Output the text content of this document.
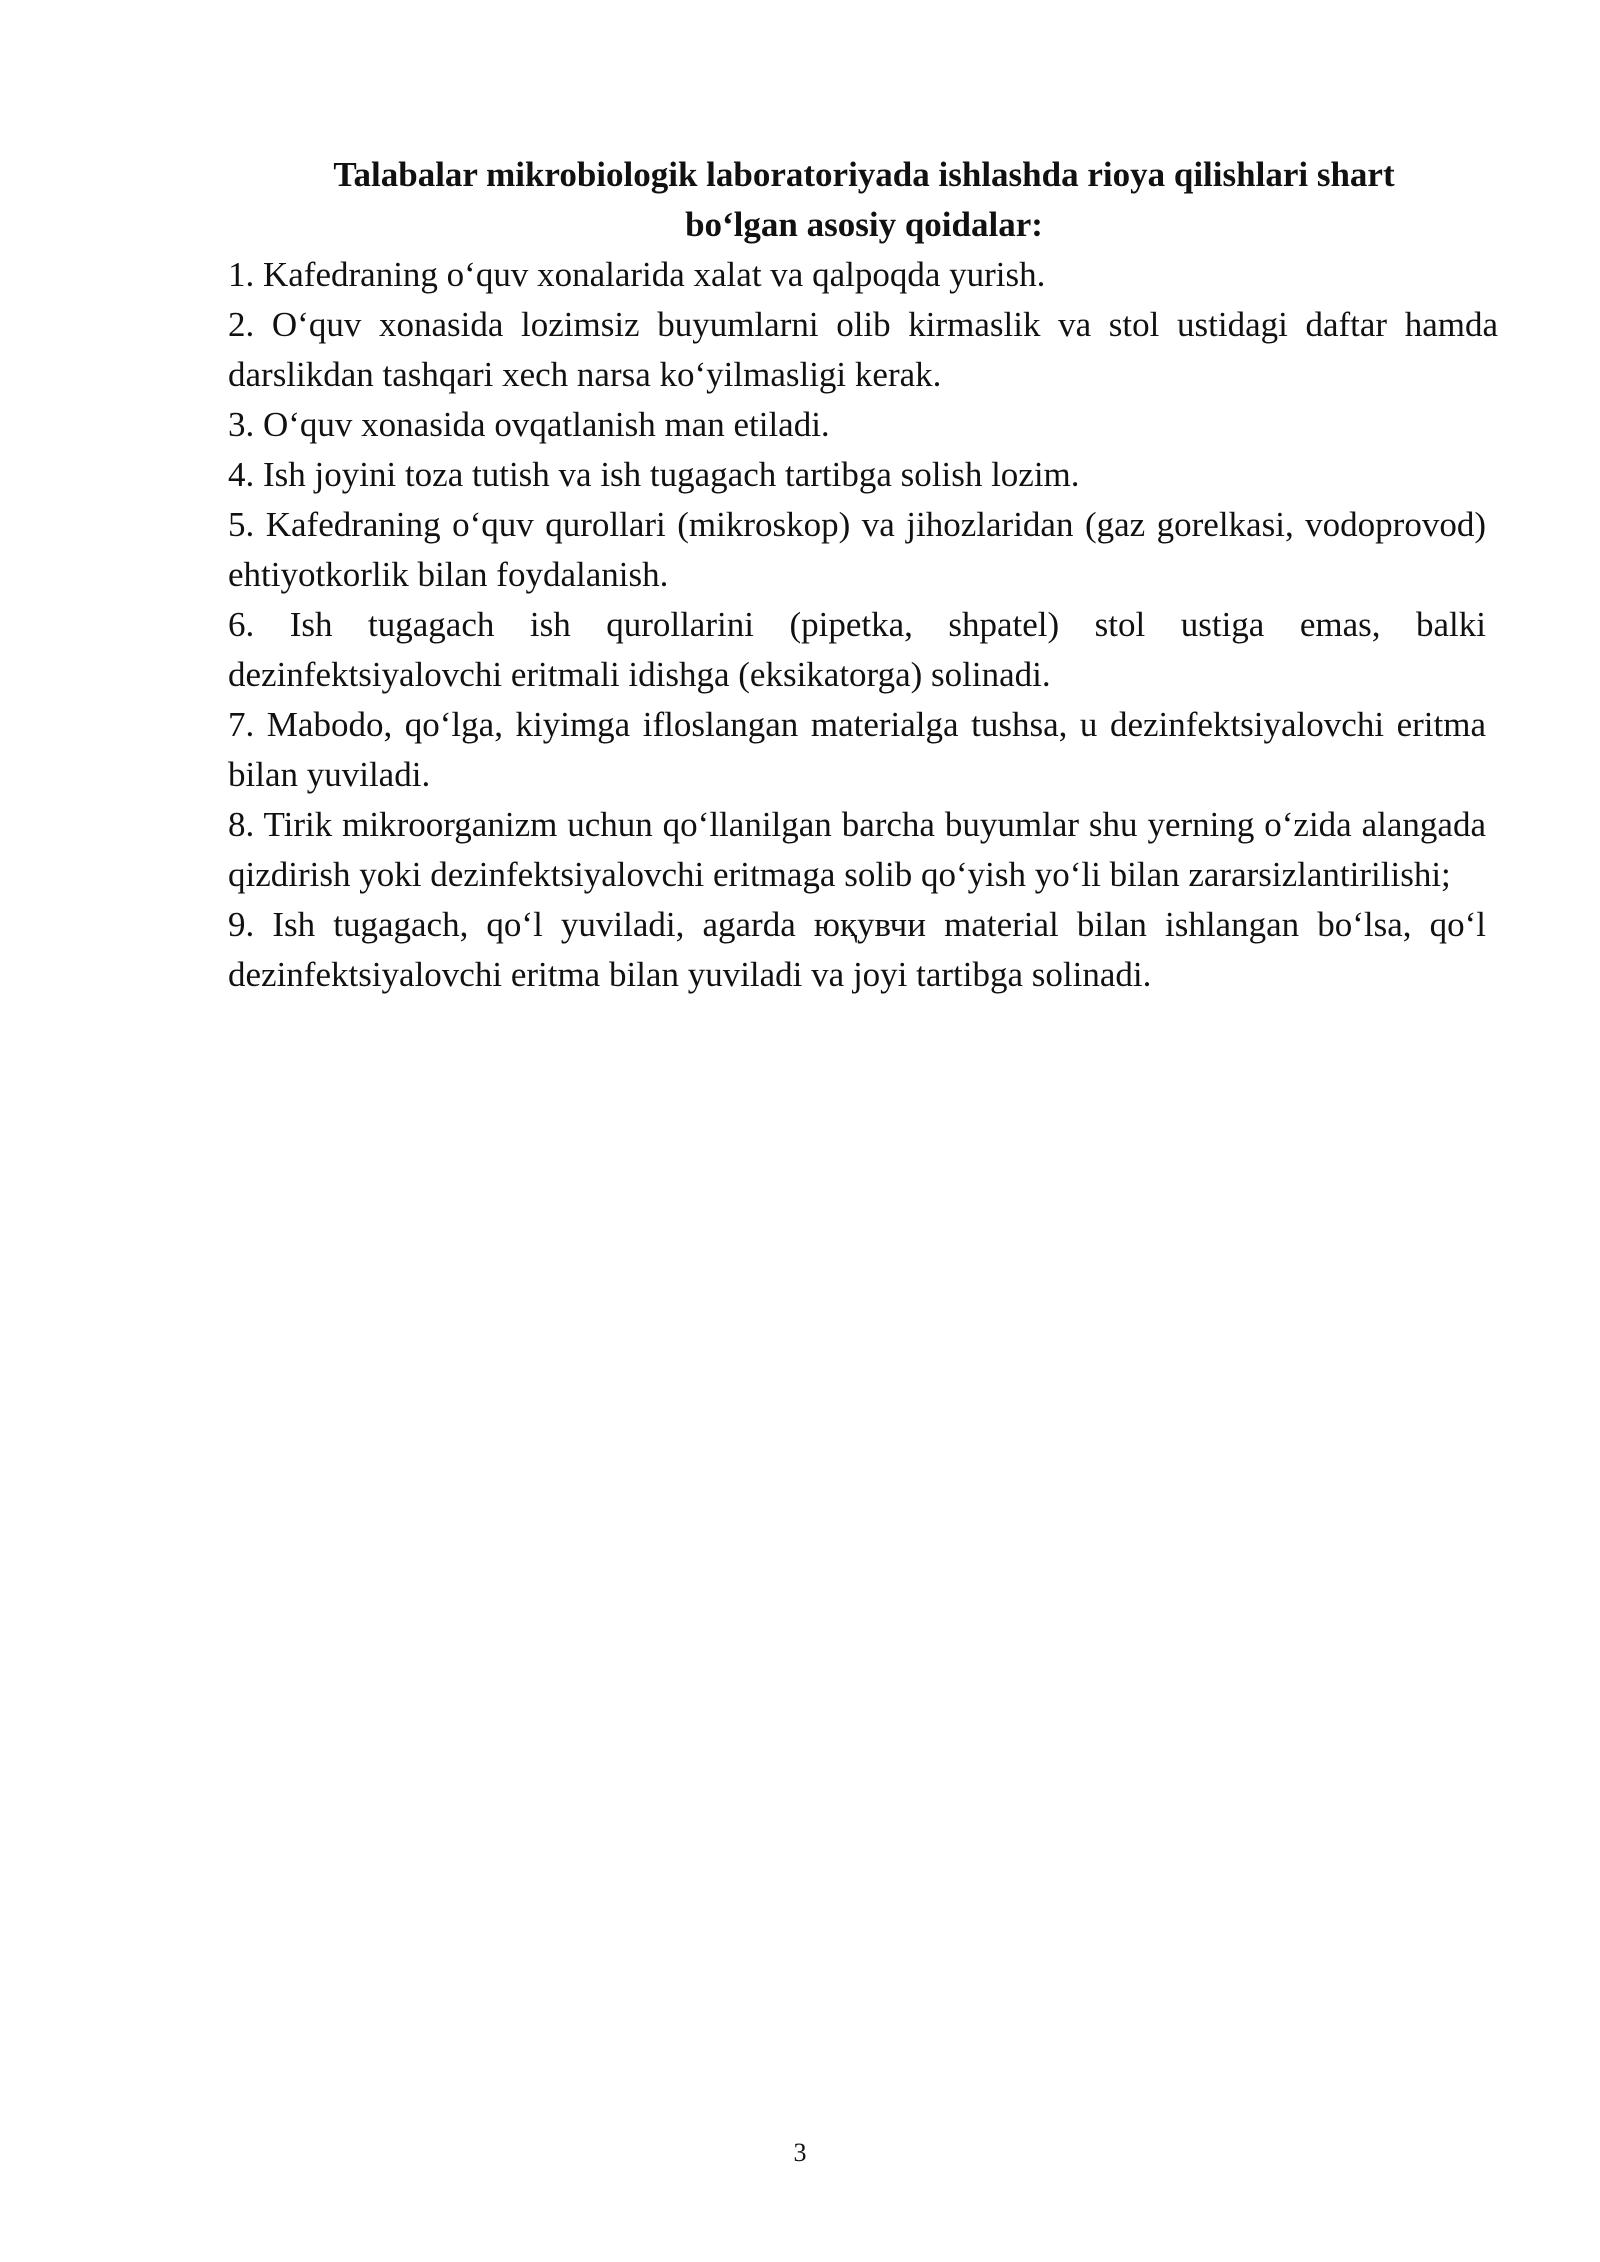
Talabalar mikrobiologik laboratoriyada ishlashda rioya qilishlari shart
bo‘lgan asosiy qoidalar:
1. Kafedraning o‘quv xonalarida xalat va qalpoqda yurish.
2. O‘quv xonasida lozimsiz buyumlarni olib kirmaslik va stol ustidagi daftar hamda darslikdan tashqari xech narsa ko‘yilmasligi kerak.
3. O‘quv xonasida ovqatlanish man etiladi.
4. Ish joyini toza tutish va ish tugagach tartibga solish lozim.
5. Kafedraning o‘quv qurollari (mikroskop) va jihozlaridan (gaz gorelkasi, vodoprovod) ehtiyotkorlik bilan foydalanish.
6. Ish tugagach ish qurollarini (pipetka, shpatel) stol ustiga emas, balki dezinfektsiyalovchi eritmali idishga (eksikatorga) solinadi.
7. Mabodo, qo‘lga, kiyimga ifloslangan materialga tushsa, u dezinfektsiyalovchi eritma bilan yuviladi.
8. Tirik mikroorganizm uchun qo‘llanilgan barcha buyumlar shu yerning o‘zida alangada qizdirish yoki dezinfektsiyalovchi eritmaga solib qo‘yish yo‘li bilan zararsizlantirilishi;
9. Ish tugagach, qo‘l yuviladi, agarda юқувчи material bilan ishlangan bo‘lsa, qo‘l dezinfektsiyalovchi eritma bilan yuviladi va joyi tartibga solinadi.
3
